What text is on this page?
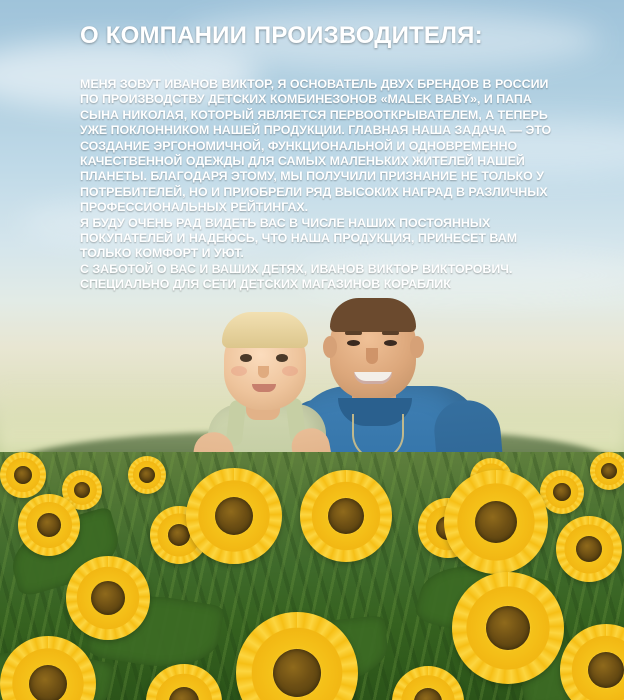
О КОМПАНИИ ПРОИЗВОДИТЕЛЯ:

МЕНЯ ЗОВУТ ИВАНОВ ВИКТОР, Я ОСНОВАТЕЛЬ ДВУХ БРЕНДОВ В РОССИИ ПО ПРОИЗВОДСТВУ ДЕТСКИХ КОМБИНЕЗОНОВ «MALEK BABY», И ПАПА СЫНА НИКОЛАЯ, КОТОРЫЙ ЯВЛЯЕТСЯ ПЕРВООТКРЫВАТЕЛЕМ, А ТЕПЕРЬ УЖЕ ПОКЛОННИКОМ НАШЕЙ ПРОДУКЦИИ. ГЛАВНАЯ НАША ЗАДАЧА — ЭТО СОЗДАНИЕ ЭРГОНОМИЧНОЙ, ФУНКЦИОНАЛЬНОЙ И ОДНОВРЕМЕННО КАЧЕСТВЕННОЙ ОДЕЖДЫ ДЛЯ САМЫХ МАЛЕНЬКИХ ЖИТЕЛЕЙ НАШЕЙ ПЛАНЕТЫ. БЛАГОДАРЯ ЭТОМУ, МЫ ПОЛУЧИЛИ ПРИЗНАНИЕ НЕ ТОЛЬКО У ПОТРЕБИТЕЛЕЙ, НО И ПРИОБРЕЛИ РЯД ВЫСОКИХ НАГРАД В РАЗЛИЧНЫХ ПРОФЕССИОНАЛЬНЫХ РЕЙТИНГАХ.

Я БУДУ ОЧЕНЬ РАД ВИДЕТЬ ВАС В ЧИСЛЕ НАШИХ ПОСТОЯННЫХ ПОКУПАТЕЛЕЙ И НАДЕЮСЬ, ЧТО НАША ПРОДУКЦИЯ, ПРИНЕСЕТ ВАМ ТОЛЬКО КОМФОРТ И УЮТ.

С ЗАБОТОЙ О ВАС И ВАШИХ ДЕТЯХ, ИВАНОВ ВИКТОР ВИКТОРОВИЧ. СПЕЦИАЛЬНО ДЛЯ СЕТИ ДЕТСКИХ МАГАЗИНОВ КОРАБЛИК
